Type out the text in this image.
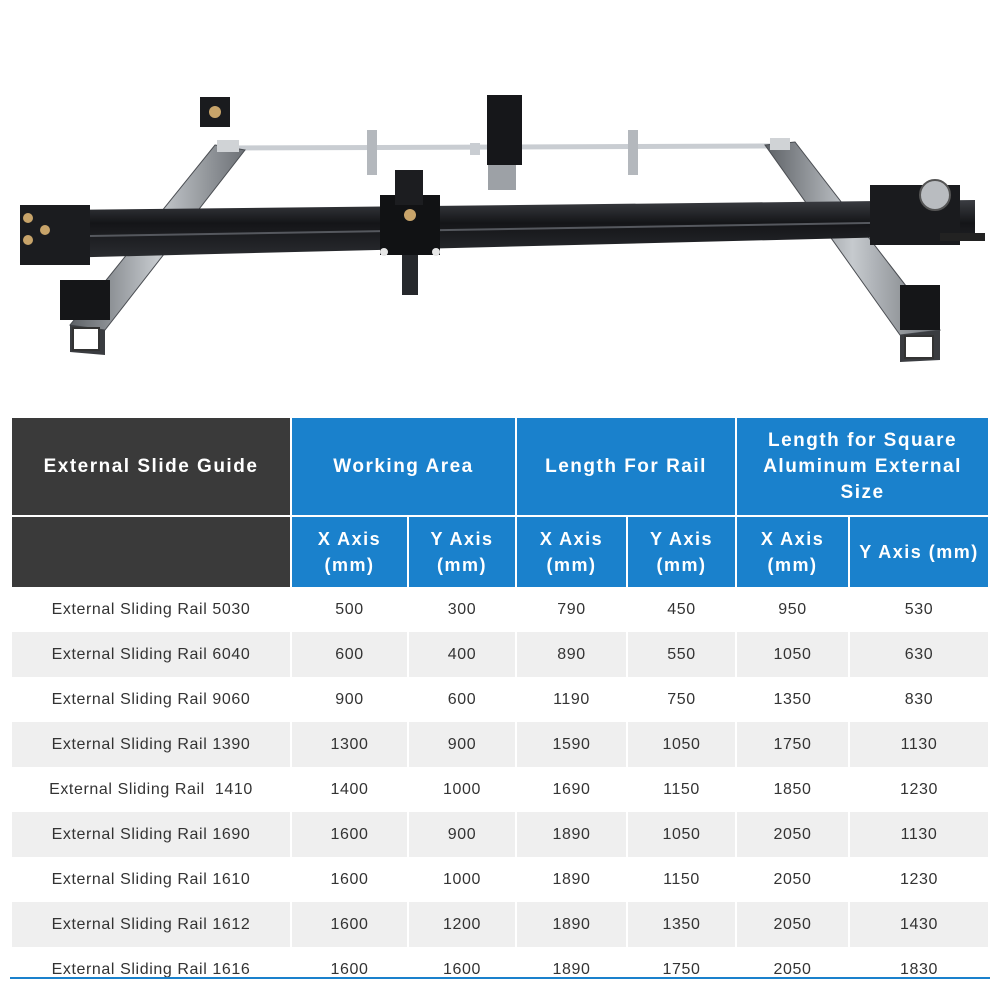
External Slide Guide	Working Area		Length For Rail		Length for Square Aluminum External Size	

	X Axis (mm)	Y Axis (mm)	X Axis (mm)	Y Axis (mm)	X Axis (mm)	Y Axis (mm)
External Sliding Rail 5030	500	300	790	450	950	530
External Sliding Rail 6040	600	400	890	550	1050	630
External Sliding Rail 9060	900	600	1190	750	1350	830
External Sliding Rail 1390	1300	900	1590	1050	1750	1130
External Sliding Rail  1410	1400	1000	1690	1150	1850	1230
External Sliding Rail 1690	1600	900	1890	1050	2050	1130
External Sliding Rail 1610	1600	1000	1890	1150	2050	1230
External Sliding Rail 1612	1600	1200	1890	1350	2050	1430
External Sliding Rail 1616	1600	1600	1890	1750	2050	1830
